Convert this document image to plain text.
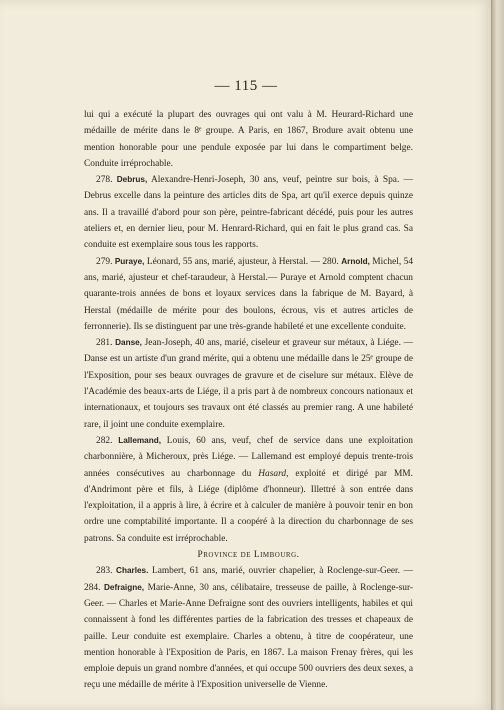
— 115 —

lui qui a exécuté la plupart des ouvrages qui ont valu à M. Heurard-Richard une médaille de mérite dans le 8ᵉ groupe. A Paris, en 1867, Brodure avait obtenu une mention honorable pour une pendule exposée par lui dans le compartiment belge. Conduite irréprochable.

278. Debrus, Alexandre-Henri-Joseph, 30 ans, veuf, peintre sur bois, à Spa. — Debrus excelle dans la peinture des articles dits de Spa, art qu'il exerce depuis quinze ans. Il a travaillé d'abord pour son père, peintre-fabricant décédé, puis pour les autres ateliers et, en dernier lieu, pour M. Henrard-Richard, qui en fait le plus grand cas. Sa conduite est exemplaire sous tous les rapports.

279. Puraye, Léonard, 55 ans, marié, ajusteur, à Herstal. — 280. Arnold, Michel, 54 ans, marié, ajusteur et chef-taraudeur, à Herstal.— Puraye et Arnold comptent chacun quarante-trois années de bons et loyaux services dans la fabrique de M. Bayard, à Herstal (médaille de mérite pour des boulons, écrous, vis et autres articles de ferronnerie). Ils se distinguent par une très-grande habileté et une excellente conduite.

281. Danse, Jean-Joseph, 40 ans, marié, ciseleur et graveur sur métaux, à Liége. — Danse est un artiste d'un grand mérite, qui a obtenu une médaille dans le 25ᵉ groupe de l'Exposition, pour ses beaux ouvrages de gravure et de ciselure sur métaux. Elève de l'Académie des beaux-arts de Liége, il a pris part à de nombreux concours nationaux et internationaux, et toujours ses travaux ont été classés au premier rang. A une habileté rare, il joint une conduite exemplaire.

282. Lallemand, Louis, 60 ans, veuf, chef de service dans une exploitation charbonnière, à Micheroux, près Liége. — Lallemand est employé depuis trente-trois années consécutives au charbonnage du Hasard, exploité et dirigé par MM. d'Andrimont père et fils, à Liége (diplôme d'honneur). Illettré à son entrée dans l'exploitation, il a appris à lire, à écrire et à calculer de manière à pouvoir tenir en bon ordre une comptabilité importante. Il a coopéré à la direction du charbonnage de ses patrons. Sa conduite est irréprochable.

Province de Limbourg.

283. Charles. Lambert, 61 ans, marié, ouvrier chapelier, à Roclenge-sur-Geer. — 284. Defraigne, Marie-Anne, 30 ans, célibataire, tresseuse de paille, à Roclenge-sur-Geer. — Charles et Marie-Anne Defraigne sont des ouvriers intelligents, habiles et qui connaissent à fond les différentes parties de la fabrication des tresses et chapeaux de paille. Leur conduite est exemplaire. Charles a obtenu, à titre de coopérateur, une mention honorable à l'Exposition de Paris, en 1867. La maison Frenay frères, qui les emploie depuis un grand nombre d'années, et qui occupe 500 ouvriers des deux sexes, a reçu une médaille de mérite à l'Exposition universelle de Vienne.
